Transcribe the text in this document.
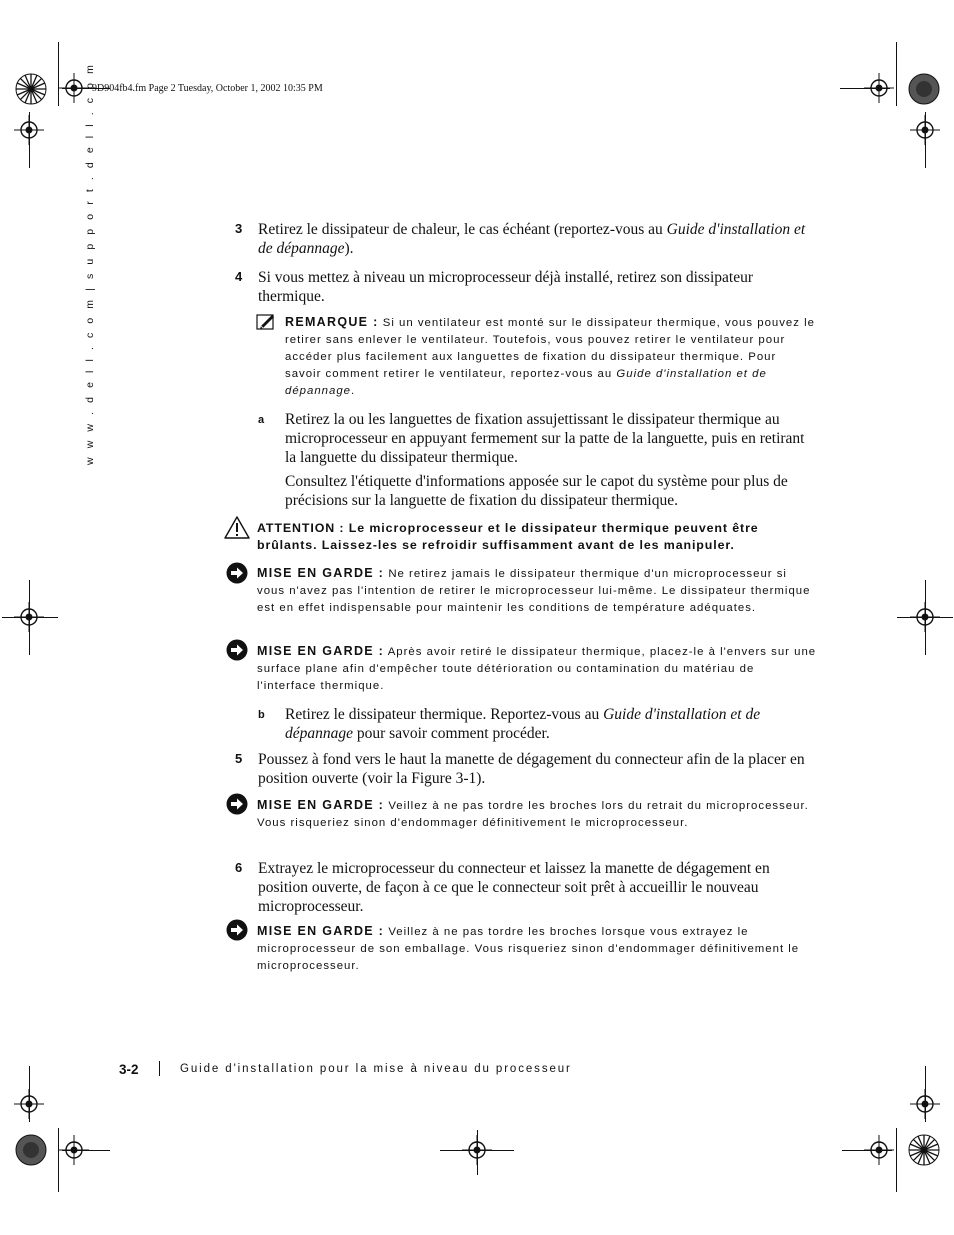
9D904fb4.fm Page 2 Tuesday, October 1, 2002 10:35 PM
w w w . d e l l . c o m | s u p p o r t . d e l l . c o m	3 Retirez le dissipateur de chaleur, le cas échéant (reportez-vous au Guide d'installation et de dépannage).
4 Si vous mettez à niveau un microprocesseur déjà installé, retirez son dissipateur thermique.
REMARQUE : Si un ventilateur est monté sur le dissipateur thermique, vous pouvez le retirer sans enlever le ventilateur. Toutefois, vous pouvez retirer le ventilateur pour accéder plus facilement aux languettes de fixation du dissipateur thermique. Pour savoir comment retirer le ventilateur, reportez-vous au Guide d'installation et de dépannage.
a Retirez la ou les languettes de fixation assujettissant le dissipateur thermique au microprocesseur en appuyant fermement sur la patte de la languette, puis en retirant la languette du dissipateur thermique.
Consultez l'étiquette d'informations apposée sur le capot du système pour plus de précisions sur la languette de fixation du dissipateur thermique.
ATTENTION : Le microprocesseur et le dissipateur thermique peuvent être brûlants. Laissez-les se refroidir suffisamment avant de les manipuler.
MISE EN GARDE : Ne retirez jamais le dissipateur thermique d'un microprocesseur si vous n'avez pas l'intention de retirer le microprocesseur lui-même. Le dissipateur thermique est en effet indispensable pour maintenir les conditions de température adéquates.
MISE EN GARDE : Après avoir retiré le dissipateur thermique, placez-le à l'envers sur une surface plane afin d'empêcher toute détérioration ou contamination du matériau de l'interface thermique.
b Retirez le dissipateur thermique. Reportez-vous au Guide d'installation et de dépannage pour savoir comment procéder.
5 Poussez à fond vers le haut la manette de dégagement du connecteur afin de la placer en position ouverte (voir la Figure 3-1).
MISE EN GARDE : Veillez à ne pas tordre les broches lors du retrait du microprocesseur. Vous risqueriez sinon d'endommager définitivement le microprocesseur.
6 Extrayez le microprocesseur du connecteur et laissez la manette de dégagement en position ouverte, de façon à ce que le connecteur soit prêt à accueillir le nouveau microprocesseur.
MISE EN GARDE : Veillez à ne pas tordre les broches lorsque vous extrayez le microprocesseur de son emballage. Vous risqueriez sinon d'endommager définitivement le microprocesseur.
3-2	Guide d'installation pour la mise à niveau du processeur
